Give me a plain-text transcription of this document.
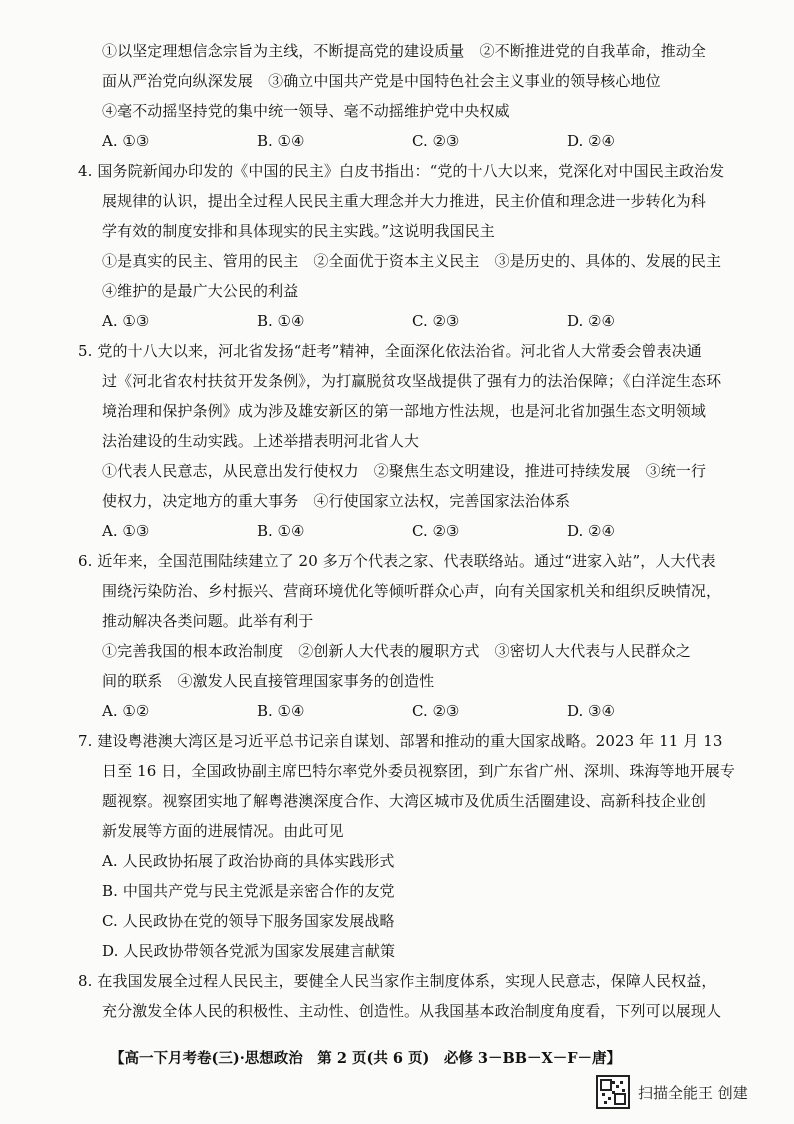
①以坚定理想信念宗旨为主线，不断提高党的建设质量　②不断推进党的自我革命，推动全
面从严治党向纵深发展　③确立中国共产党是中国特色社会主义事业的领导核心地位
④毫不动摇坚持党的集中统一领导、毫不动摇维护党中央权威
A. ①③	B. ①④	C. ②③	D. ②④
4. 国务院新闻办印发的《中国的民主》白皮书指出：“党的十八大以来，党深化对中国民主政治发
展规律的认识，提出全过程人民民主重大理念并大力推进，民主价值和理念进一步转化为科
学有效的制度安排和具体现实的民主实践。”这说明我国民主
①是真实的民主、管用的民主　②全面优于资本主义民主　③是历史的、具体的、发展的民主
④维护的是最广大公民的利益
A. ①③	B. ①④	C. ②③	D. ②④
5. 党的十八大以来，河北省发扬“赶考”精神，全面深化依法治省。河北省人大常委会曾表决通
过《河北省农村扶贫开发条例》，为打赢脱贫攻坚战提供了强有力的法治保障；《白洋淀生态环
境治理和保护条例》成为涉及雄安新区的第一部地方性法规，也是河北省加强生态文明领域
法治建设的生动实践。上述举措表明河北省人大
①代表人民意志，从民意出发行使权力　②聚焦生态文明建设，推进可持续发展　③统一行
使权力，决定地方的重大事务　④行使国家立法权，完善国家法治体系
A. ①③	B. ①④	C. ②③	D. ②④
6. 近年来，全国范围陆续建立了 20 多万个代表之家、代表联络站。通过“进家入站”，人大代表
围绕污染防治、乡村振兴、营商环境优化等倾听群众心声，向有关国家机关和组织反映情况，
推动解决各类问题。此举有利于
①完善我国的根本政治制度　②创新人大代表的履职方式　③密切人大代表与人民群众之
间的联系　④激发人民直接管理国家事务的创造性
A. ①②	B. ①④	C. ②③	D. ③④
7. 建设粤港澳大湾区是习近平总书记亲自谋划、部署和推动的重大国家战略。2023 年 11 月 13
日至 16 日，全国政协副主席巴特尔率党外委员视察团，到广东省广州、深圳、珠海等地开展专
题视察。视察团实地了解粤港澳深度合作、大湾区城市及优质生活圈建设、高新科技企业创
新发展等方面的进展情况。由此可见
A. 人民政协拓展了政治协商的具体实践形式
B. 中国共产党与民主党派是亲密合作的友党
C. 人民政协在党的领导下服务国家发展战略
D. 人民政协带领各党派为国家发展建言献策
8. 在我国发展全过程人民民主，要健全人民当家作主制度体系，实现人民意志，保障人民权益，
充分激发全体人民的积极性、主动性、创造性。从我国基本政治制度角度看，下列可以展现人
【高一下月考卷(三)·思想政治　第 2 页(共 6 页)　必修 3－BB－X－F－唐】
扫描全能王 创建
